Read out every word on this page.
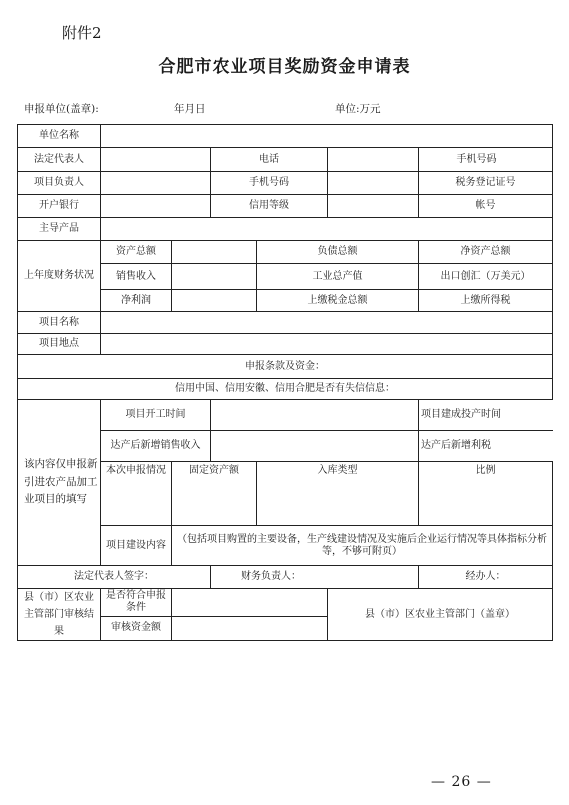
附件2
合肥市农业项目奖励资金申请表
申报单位(盖章):	年月日	单位:万元
单位名称								
法定代表人			电话				手机号码	
项目负责人			手机号码			税务登记证号		
开户银行			信用等级			帐号		
主导产品								
上年度财务状况	资产总额			负债总额		净资产总额		
	销售收入			工业总产值		出口创汇（万美元）		
	净利润			上缴税金总额		上缴所得税		
项目名称								
项目地点								
申报条款及资金：								
信用中国、信用安徽、信用合肥是否有失信信息：								
该内容仅申报新引进农产品加工业项目的填写	项目开工时间					项目建成投产时间		
	达产后新增销售收入					达产后新增利税		
	本次申报情况	固定资产额		入库类型		比例	
	项目建设内容	（包括项目购置的主要设备，生产线建设情况及实施后企业运行情况等具体指标分析等，不够可附页）						
法定代表人签字：			财务负责人：			经办人：		
县（市）区农业主管部门审核结果	是否符合申报条件				县（市）区农业主管部门（盖章）			
	审核资金额							
— 26 —
